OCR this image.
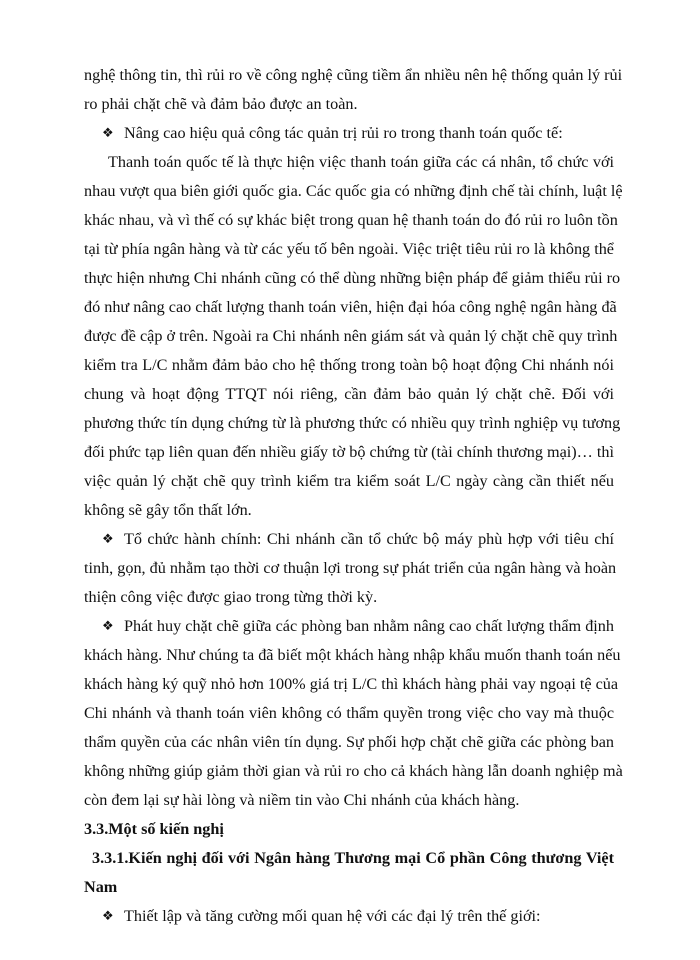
nghệ thông tin, thì rủi ro về công nghệ cũng tiềm ẩn nhiều nên hệ thống quản lý rủi
ro phải chặt chẽ và đảm bảo được an toàn.
❖ Nâng cao hiệu quả công tác quản trị rủi ro trong thanh toán quốc tế:
Thanh toán quốc tế là thực hiện việc thanh toán giữa các cá nhân, tổ chức với
nhau vượt qua biên giới quốc gia. Các quốc gia có những định chế tài chính, luật lệ
khác nhau, và vì thế có sự khác biệt trong quan hệ thanh toán do đó rủi ro luôn tồn
tại từ phía ngân hàng và từ các yếu tố bên ngoài. Việc triệt tiêu rủi ro là không thể
thực hiện nhưng Chi nhánh cũng có thể dùng những biện pháp để giảm thiểu rủi ro
đó như nâng cao chất lượng thanh toán viên, hiện đại hóa công nghệ ngân hàng đã
được đề cập ở trên. Ngoài ra Chi nhánh nên giám sát và quản lý chặt chẽ quy trình
kiểm tra L/C nhằm đảm bảo cho hệ thống trong toàn bộ hoạt động Chi nhánh nói
chung và hoạt động TTQT nói riêng, cần đảm bảo quản lý chặt chẽ. Đối với
phương thức tín dụng chứng từ là phương thức có nhiều quy trình nghiệp vụ tương
đối phức tạp liên quan đến nhiều giấy tờ bộ chứng từ (tài chính thương mại)… thì
việc quản lý chặt chẽ quy trình kiểm tra kiểm soát L/C ngày càng cần thiết nếu
không sẽ gây tổn thất lớn.
❖ Tổ chức hành chính: Chi nhánh cần tổ chức bộ máy phù hợp với tiêu chí
tinh, gọn, đủ nhằm tạo thời cơ thuận lợi trong sự phát triển của ngân hàng và hoàn
thiện công việc được giao trong từng thời kỳ.
❖ Phát huy chặt chẽ giữa các phòng ban nhằm nâng cao chất lượng thẩm định
khách hàng. Như chúng ta đã biết một khách hàng nhập khẩu muốn thanh toán nếu
khách hàng ký quỹ nhỏ hơn 100% giá trị L/C thì khách hàng phải vay ngoại tệ của
Chi nhánh và thanh toán viên không có thẩm quyền trong việc cho vay mà thuộc
thẩm quyền của các nhân viên tín dụng. Sự phối hợp chặt chẽ giữa các phòng ban
không những giúp giảm thời gian và rủi ro cho cả khách hàng lẫn doanh nghiệp mà
còn đem lại sự hài lòng và niềm tin vào Chi nhánh của khách hàng.
3.3.Một số kiến nghị
3.3.1.Kiến nghị đối với Ngân hàng Thương mại Cổ phần Công thương Việt
Nam
❖ Thiết lập và tăng cường mối quan hệ với các đại lý trên thế giới:
